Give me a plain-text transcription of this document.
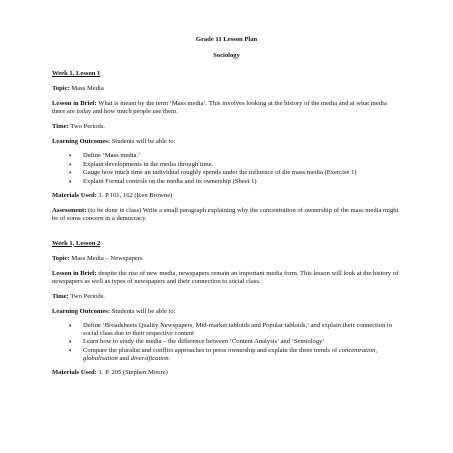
Grade 11 Lesson Plan
Sociology
Week 1, Lesson 1

Topic: Mass Media

Lesson in Brief: What is meant by the term ‘Mass media’. This involves looking at the history of the media and at what media there are today and how much people use them.

Time: Two Periods.

Learning Outcomes: Students will be able to:

• Define ‘Mass media.’
• Explain developments in the media through time.
• Gauge how much time an individual roughly spends under the influence of the mass media (Exercise 1)
• Explain Formal controls on the media and its ownership (Sheet 1)

Materials Used: 1. P.161, 162 (Ken Browne)

Assessment: (to be done in class) Write a small paragraph explaining why the concentration of ownership of the mass media might be of some concern in a democracy.

Week 1, Lesson 2

Topic: Mass Media – Newspapers

Lesson in Brief: despite the rise of new media, newspapers remain an important media form. This lesson will look at the history of newspapers as well as types of newspapers and their connection to social class.

Time: Two Periods.

Learning Outcomes: Students will be able to:

• Define ‘Broadsheets Quality Newspapers, Mid-market tabloids and Popular tabloids,’ and explain their connection to social class due to their respective content
• Learn how to study the media – the difference between ‘Content Analysis’ and ‘Semiology’
• Compare the pluralist and conflict approaches to press ownership and explain the three trends of concentration, globalisation and diversification.

Materials Used: 1. P. 205 (Stephen Moore)
